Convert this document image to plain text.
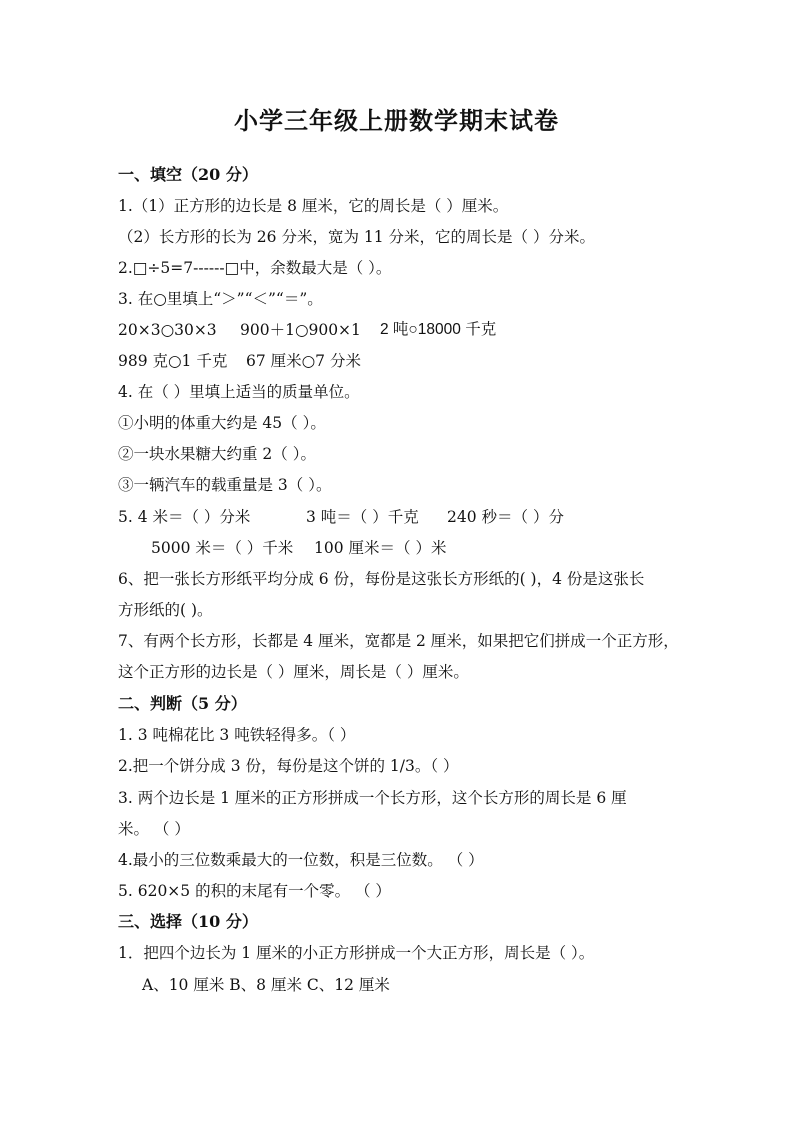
小学三年级上册数学期末试卷
一、填空（20 分）
1.（1）正方形的边长是 8 厘米，它的周长是（ ）厘米。
（2）长方形的长为 26 分米，宽为 11 分米，它的周长是（ ）分米。
2.□÷5=7------□中，余数最大是（ ）。
3. 在○里填上“＞”“＜”“＝”。
20×3○30×3 900＋1○900×1 2 吨○18000 千克
989 克○1 千克 67 厘米○7 分米
4. 在（ ）里填上适当的质量单位。
①小明的体重大约是 45（ ）。
②一块水果糖大约重 2（ ）。
③一辆汽车的载重量是 3（ ）。
5. 4 米＝（ ）分米	3 吨＝（ ）千克 240 秒＝（ ）分
5000 米＝（ ）千米 100 厘米＝（ ）米
6、把一张长方形纸平均分成 6 份，每份是这张长方形纸的( )，4 份是这张长
方形纸的( )。
7、有两个长方形，长都是 4 厘米，宽都是 2 厘米，如果把它们拼成一个正方形，
这个正方形的边长是（ ）厘米，周长是（ ）厘米。
二、判断（5 分）
1. 3 吨棉花比 3 吨铁轻得多。（ ）
2.把一个饼分成 3 份，每份是这个饼的 1/3。（ ）
3. 两个边长是 1 厘米的正方形拼成一个长方形，这个长方形的周长是 6 厘
米。 （ ）
4.最小的三位数乘最大的一位数，积是三位数。 （ ）
5. 620×5 的积的末尾有一个零。 （ ）
三、选择（10 分）
1．把四个边长为 1 厘米的小正方形拼成一个大正方形，周长是（ ）。
A、10 厘米 B、8 厘米 C、12 厘米
